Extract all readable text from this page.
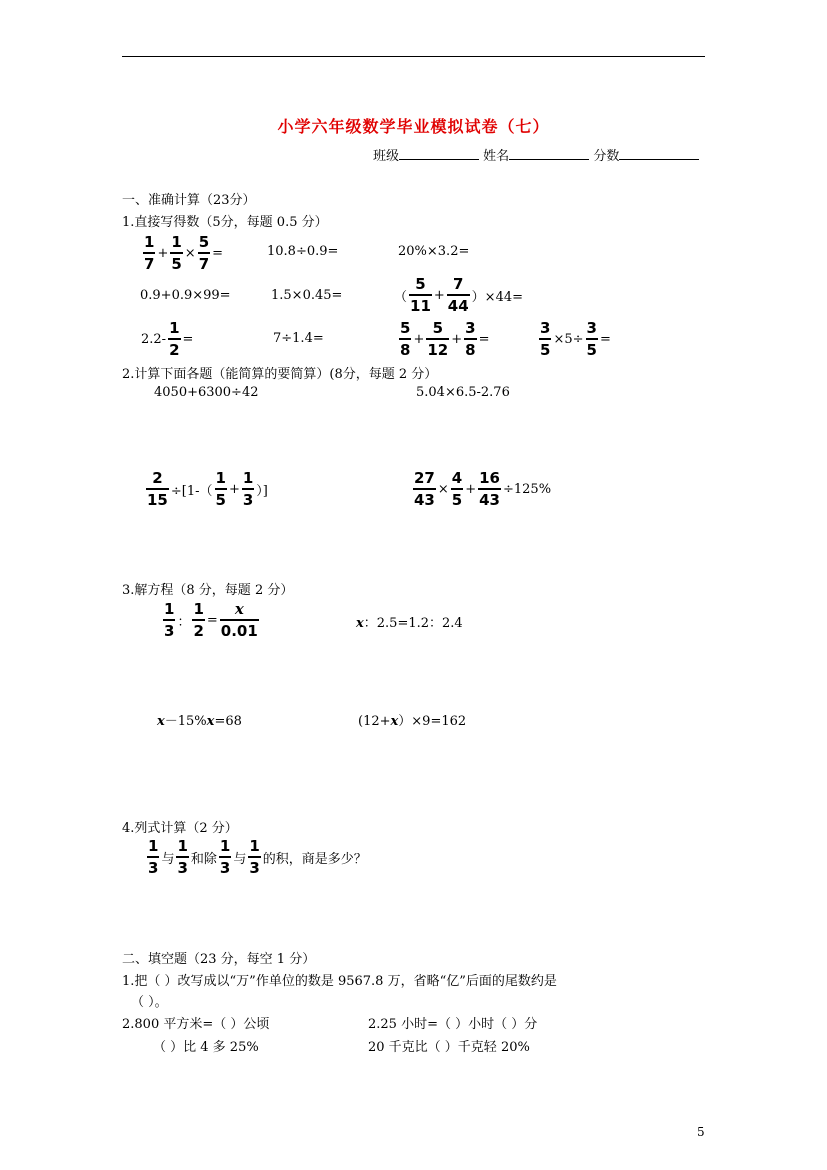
小学六年级数学毕业模拟试卷（七）
班级	姓名	分数
一、准确计算（23分）
1.直接写得数（5分，每题 0.5 分）
$\frac{1}{7} + \frac{1}{5} \times \frac{5}{7}$ =	10.8÷0.9=	20%×3.2=
0.9+0.9×99=	1.5×0.45=	（ $\frac{5}{11} + \frac{7}{44} )\times 44=$
$2.2- \frac{1}{2}$ =	7÷1.4=	$\frac{5}{8} + \frac{5}{12} + \frac{3}{8}$ =	$\frac{3}{5} \times 5\div \frac{3}{5}$ =
2.计算下面各题（能简算的要简算）(8分，每题 2 分）
4050+6300÷42	5.04×6.5-2.76
$\frac{2}{15} \div[1-( \frac{1}{5} + \frac{1}{3}$ ）]	$\frac{27}{43} \times \frac{4}{5} + \frac{16}{43} \div 125\%$
3.解方程（8 分，每题 2 分）
$\frac{1}{3}$ ： $\frac{1}{2} = \frac{x}{0.01}$	x：2.5=1.2：2.4
x－15%x=68	(12+x）×9=162
4.列式计算（2 分）
$\frac{1}{3}$ 与 $\frac{1}{3}$ 和除 $\frac{1}{3}$ 与 $\frac{1}{3}$ 的积，商是多少？
二、填空题（23 分，每空 1 分）
1.把（ ）改写成以“万”作单位的数是 9567.8 万，省略“亿”后面的尾数约是
（ ）。
2.800 平方米=（ ）公顷	2.25 小时=（ ）小时（ ）分
（ ）比 4 多 25%	20 千克比（ ）千克轻 20%
5
